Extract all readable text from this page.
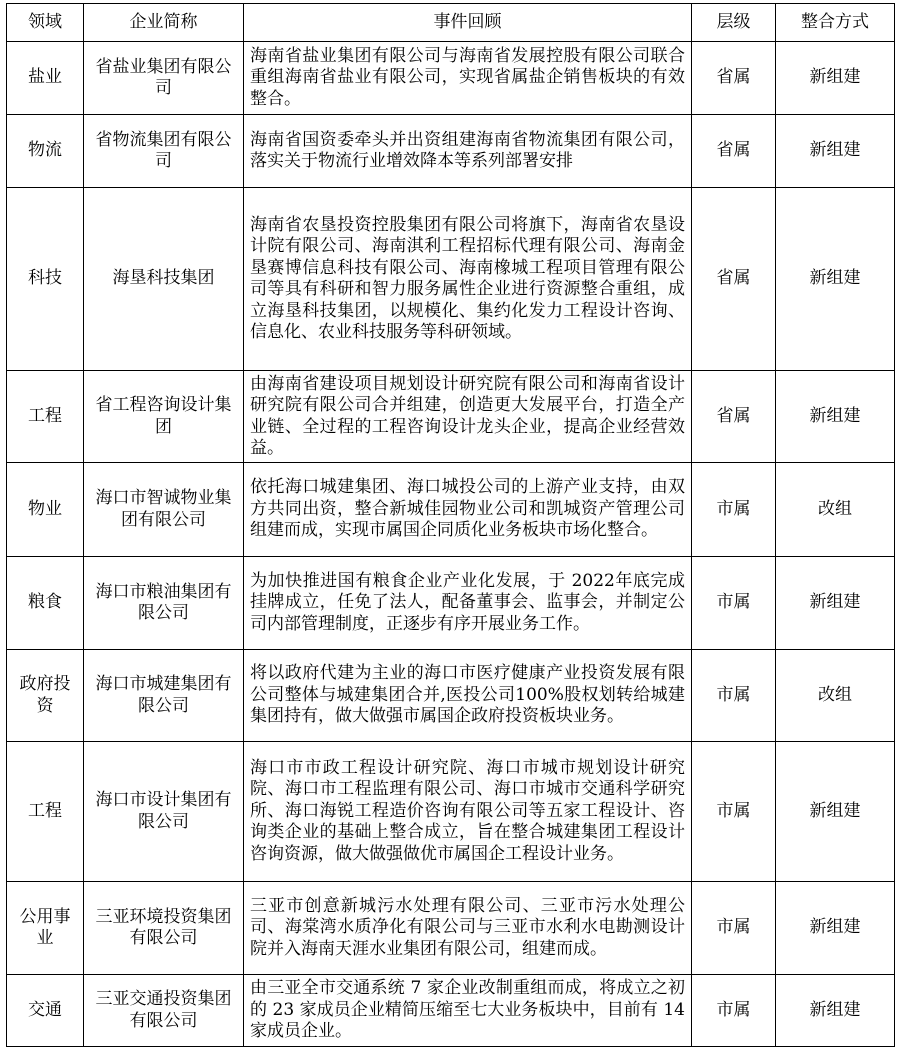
领域	企业简称	事件回顾	层级	整合方式
盐业	省盐业集团有限公司	海南省盐业集团有限公司与海南省发展控股有限公司联合重组海南省盐业有限公司，实现省属盐企销售板块的有效整合。	省属	新组建
物流	省物流集团有限公司	海南省国资委牵头并出资组建海南省物流集团有限公司，落实关于物流行业增效降本等系列部署安排	省属	新组建
科技	海垦科技集团	海南省农垦投资控股集团有限公司将旗下，海南省农垦设计院有限公司、海南淇利工程招标代理有限公司、海南金垦赛博信息科技有限公司、海南橡城工程项目管理有限公司等具有科研和智力服务属性企业进行资源整合重组，成立海垦科技集团，以规模化、集约化发力工程设计咨询、信息化、农业科技服务等科研领域。	省属	新组建
工程	省工程咨询设计集团	由海南省建设项目规划设计研究院有限公司和海南省设计研究院有限公司合并组建，创造更大发展平台，打造全产业链、全过程的工程咨询设计龙头企业，提高企业经营效益。	省属	新组建
物业	海口市智诚物业集团有限公司	依托海口城建集团、海口城投公司的上游产业支持，由双方共同出资，整合新城佳园物业公司和凯城资产管理公司组建而成，实现市属国企同质化业务板块市场化整合。	市属	改组
粮食	海口市粮油集团有限公司	为加快推进国有粮食企业产业化发展，于 2022年底完成挂牌成立，任免了法人，配备董事会、监事会，并制定公司内部管理制度，正逐步有序开展业务工作。	市属	新组建
政府投资	海口市城建集团有限公司	将以政府代建为主业的海口市医疗健康产业投资发展有限公司整体与城建集团合并,医投公司100%股权划转给城建集团持有，做大做强市属国企政府投资板块业务。	市属	改组
工程	海口市设计集团有限公司	海口市市政工程设计研究院、海口市城市规划设计研究院、海口市工程监理有限公司、海口市城市交通科学研究所、海口海锐工程造价咨询有限公司等五家工程设计、咨询类企业的基础上整合成立，旨在整合城建集团工程设计咨询资源，做大做强做优市属国企工程设计业务。	市属	新组建
公用事业	三亚环境投资集团有限公司	三亚市创意新城污水处理有限公司、三亚市污水处理公司、海棠湾水质净化有限公司与三亚市水利水电勘测设计院并入海南天涯水业集团有限公司，组建而成。	市属	新组建
交通	三亚交通投资集团有限公司	由三亚全市交通系统 7 家企业改制重组而成，将成立之初的 23 家成员企业精简压缩至七大业务板块中，目前有 14 家成员企业。	市属	新组建
